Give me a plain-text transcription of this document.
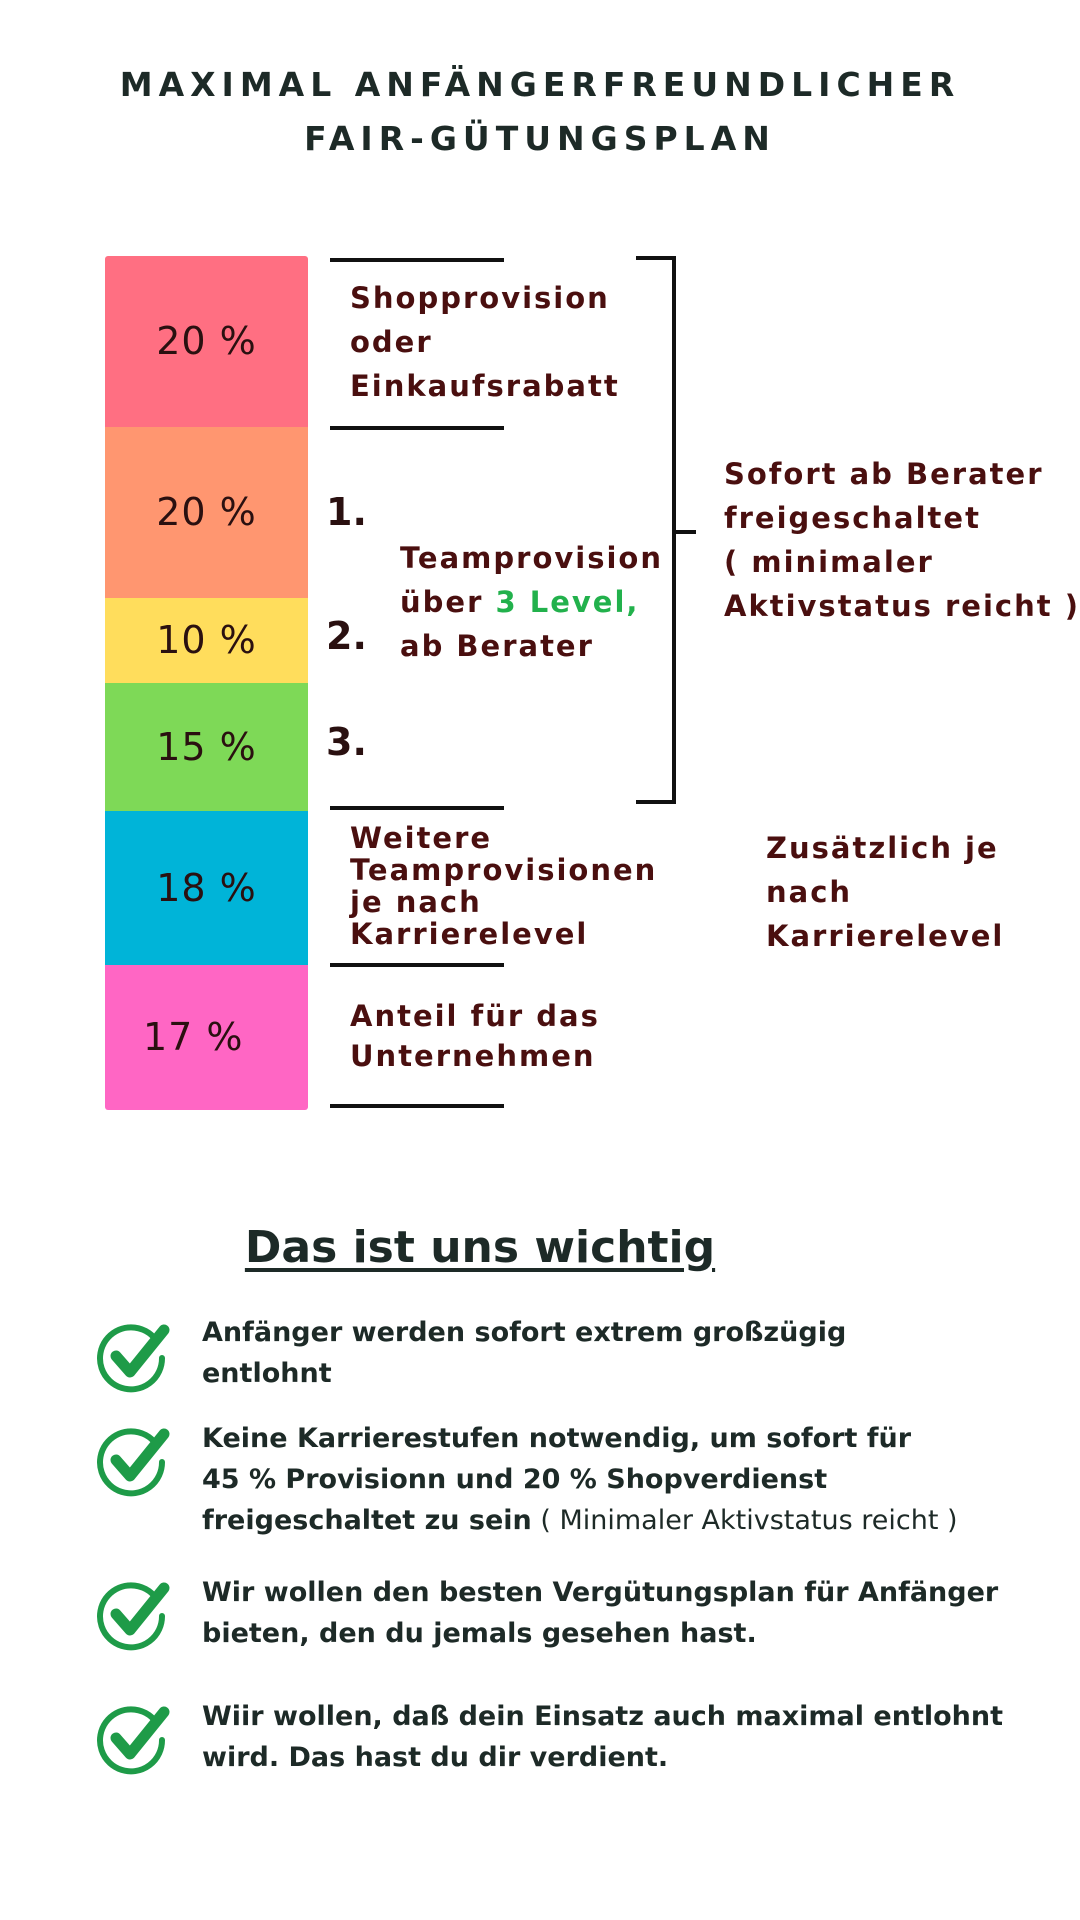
MAXIMAL ANFÄNGERFREUNDLICHER
FAIR-GÜTUNGSPLAN
20 %
20 %
10 %
15 %
18 %
17 %
Shopprovision
oder
Einkaufsrabatt
1.
2.
3.
Teamprovision
über 3 Level,
ab Berater
Weitere
Teamprovisionen
je nach
Karrierelevel
Anteil für das
Unternehmen
Sofort ab Berater
freigeschaltet
( minimaler
Aktivstatus reicht )
Zusätzlich je
nach
Karrierelevel
Das ist uns wichtig
Anfänger werden sofort extrem großzügig
entlohnt
Keine Karrierestufen notwendig, um sofort für
45 % Provisionn und 20 % Shopverdienst
freigeschaltet zu sein ( Minimaler Aktivstatus reicht )
Wir wollen den besten Vergütungsplan für Anfänger
bieten, den du jemals gesehen hast.
Wiir wollen, daß dein Einsatz auch maximal entlohnt
wird. Das hast du dir verdient.
